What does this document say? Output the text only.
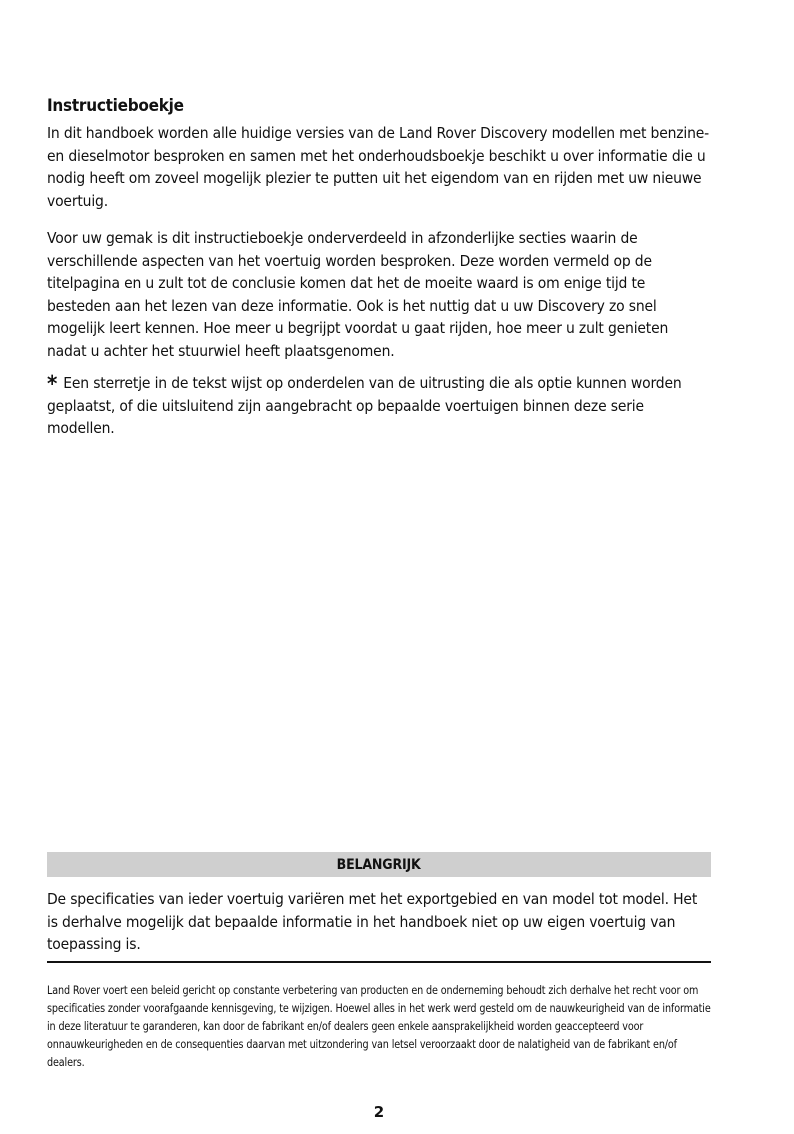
Instructieboekje

In dit handboek worden alle huidige versies van de Land Rover Discovery modellen met benzine- en dieselmotor besproken en samen met het onderhoudsboekje beschikt u over informatie die u nodig heeft om zoveel mogelijk plezier te putten uit het eigendom van en rijden met uw nieuwe voertuig.

Voor uw gemak is dit instructieboekje onderverdeeld in afzonderlijke secties waarin de verschillende aspecten van het voertuig worden besproken. Deze worden vermeld op de titelpagina en u zult tot de conclusie komen dat het de moeite waard is om enige tijd te besteden aan het lezen van deze informatie. Ook is het nuttig dat u uw Discovery zo snel mogelijk leert kennen. Hoe meer u begrijpt voordat u gaat rijden, hoe meer u zult genieten nadat u achter het stuurwiel heeft plaatsgenomen.

* Een sterretje in de tekst wijst op onderdelen van de uitrusting die als optie kunnen worden geplaatst, of die uitsluitend zijn aangebracht op bepaalde voertuigen binnen deze serie modellen.

BELANGRIJK

De specificaties van ieder voertuig variëren met het exportgebied en van model tot model. Het is derhalve mogelijk dat bepaalde informatie in het handboek niet op uw eigen voertuig van toepassing is.

Land Rover voert een beleid gericht op constante verbetering van producten en de onderneming behoudt zich derhalve het recht voor om specificaties zonder voorafgaande kennisgeving, te wijzigen. Hoewel alles in het werk werd gesteld om de nauwkeurigheid van de informatie in deze literatuur te garanderen, kan door de fabrikant en/of dealers geen enkele aansprakelijkheid worden geaccepteerd voor onnauwkeurigheden en de consequenties daarvan met uitzondering van letsel veroorzaakt door de nalatigheid van de fabrikant en/of dealers.

2
